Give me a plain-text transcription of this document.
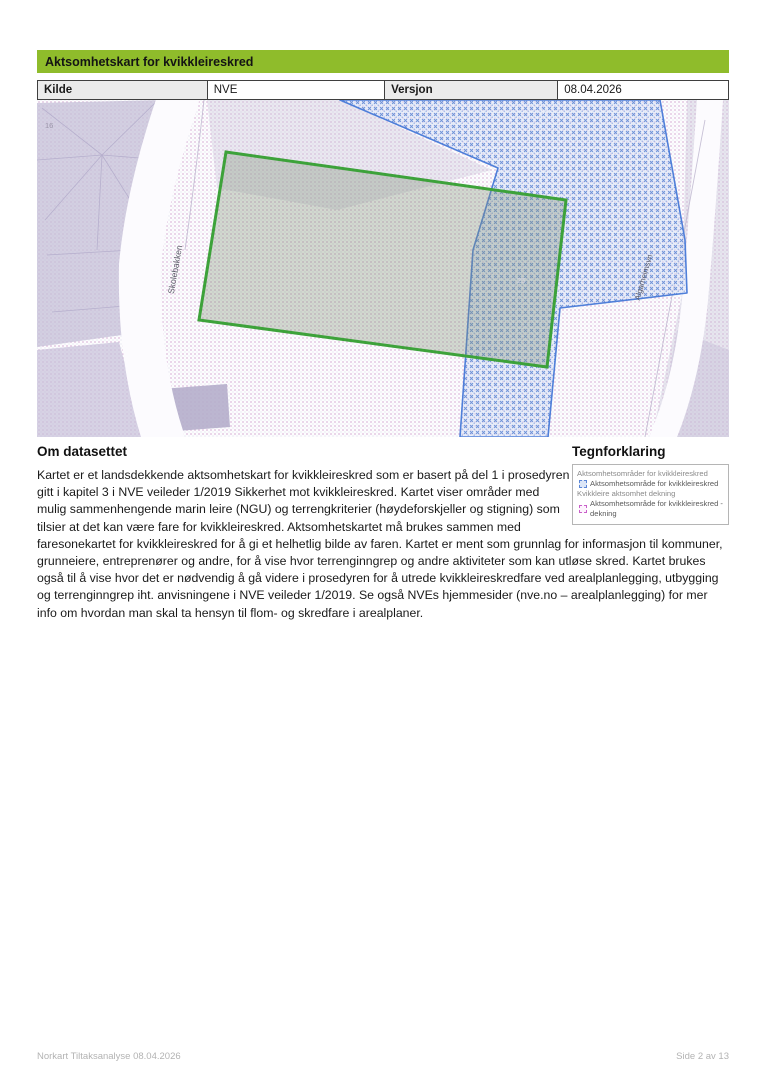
Aktsomhetskart for kvikkleireskred
Kilde	NVE	Versjon	08.04.2026
16
27
25
Skolebakken	Algarheimsvn
Tegnforklaring
Aktsomhetsområder for kvikkleireskred
Aktsomhetsområde for kvikkleireskred
Kvikkleire aktsomhet dekning
Aktsomhetsområde for kvikkleireskred - dekning
Om datasettet

Kartet er et landsdekkende aktsomhetskart for kvikkleireskred som er basert på del 1 i prosedyren gitt i kapitel 3 i NVE veileder 1/2019 Sikkerhet mot kvikkleireskred. Kartet viser områder med mulig sammenhengende marin leire (NGU) og terrengkriterier (høydeforskjeller og stigning) som tilsier at det kan være fare for kvikkleireskred. Aktsomhetskartet må brukes sammen med faresonekartet for kvikkleireskred for å gi et helhetlig bilde av faren. Kartet er ment som grunnlag for informasjon til kommuner, grunneiere, entreprenører og andre, for å vise hvor terrenginngrep og andre aktiviteter som kan utløse skred. Kartet brukes også til å vise hvor det er nødvendig å gå videre i prosedyren for å utrede kvikkleireskredfare ved arealplanlegging, utbygging og terrenginngrep iht. anvisningene i NVE veileder 1/2019. Se også NVEs hjemmesider (nve.no – arealplanlegging) for mer info om hvordan man skal ta hensyn til flom- og skredfare i arealplaner.

Norkart Tiltaksanalyse 08.04.2026	Side 2 av 13
